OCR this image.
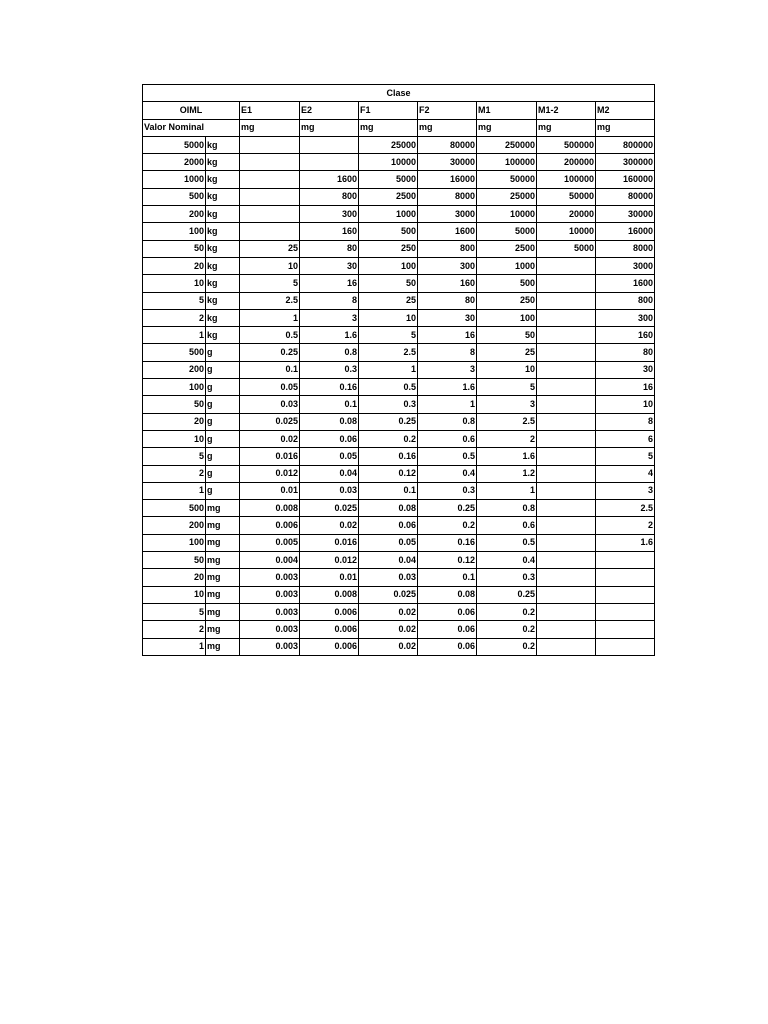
Clase								
OIML		E1	E2	F1	F2	M1	M1-2	M2
Valor Nominal		mg	mg	mg	mg	mg	mg	mg
5000	kg			25000	80000	250000	500000	800000
2000	kg			10000	30000	100000	200000	300000
1000	kg		1600	5000	16000	50000	100000	160000
500	kg		800	2500	8000	25000	50000	80000
200	kg		300	1000	3000	10000	20000	30000
100	kg		160	500	1600	5000	10000	16000
50	kg	25	80	250	800	2500	5000	8000
20	kg	10	30	100	300	1000		3000
10	kg	5	16	50	160	500		1600
5	kg	2.5	8	25	80	250		800
2	kg	1	3	10	30	100		300
1	kg	0.5	1.6	5	16	50		160
500	g	0.25	0.8	2.5	8	25		80
200	g	0.1	0.3	1	3	10		30
100	g	0.05	0.16	0.5	1.6	5		16
50	g	0.03	0.1	0.3	1	3		10
20	g	0.025	0.08	0.25	0.8	2.5		8
10	g	0.02	0.06	0.2	0.6	2		6
5	g	0.016	0.05	0.16	0.5	1.6		5
2	g	0.012	0.04	0.12	0.4	1.2		4
1	g	0.01	0.03	0.1	0.3	1		3
500	mg	0.008	0.025	0.08	0.25	0.8		2.5
200	mg	0.006	0.02	0.06	0.2	0.6		2
100	mg	0.005	0.016	0.05	0.16	0.5		1.6
50	mg	0.004	0.012	0.04	0.12	0.4		
20	mg	0.003	0.01	0.03	0.1	0.3		
10	mg	0.003	0.008	0.025	0.08	0.25		
5	mg	0.003	0.006	0.02	0.06	0.2		
2	mg	0.003	0.006	0.02	0.06	0.2		
1	mg	0.003	0.006	0.02	0.06	0.2		
